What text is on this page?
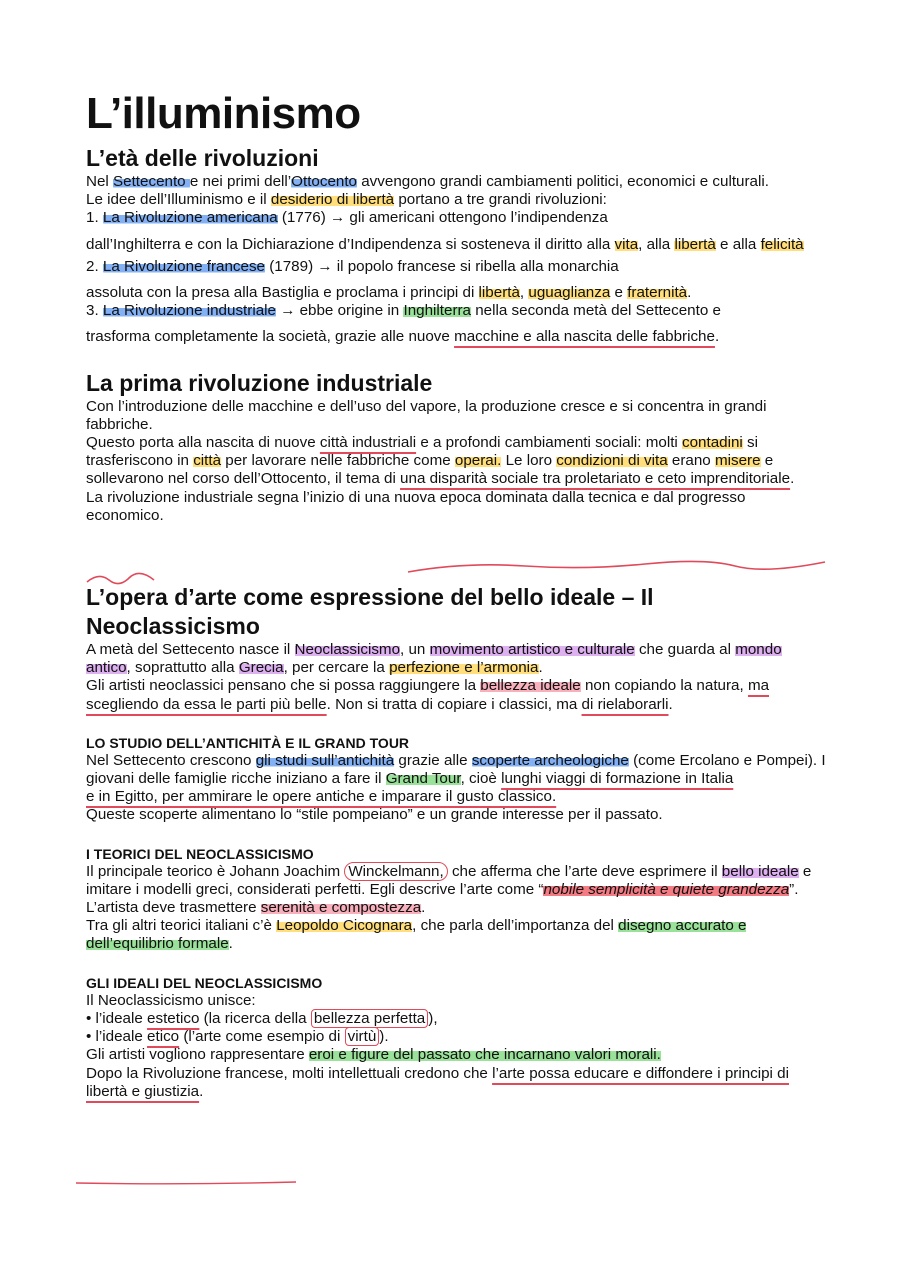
L’illuminismo
L’età delle rivoluzioni

Nel Settecento e nei primi dell’Ottocento avvengono grandi cambiamenti politici, economici e culturali.

Le idee dell’Illuminismo e il desiderio di libertà portano a tre grandi rivoluzioni:

1. La Rivoluzione americana (1776) → gli americani ottengono l’indipendenza

dall’Inghilterra e con la Dichiarazione d’Indipendenza si sosteneva il diritto alla vita, alla libertà e alla felicità

2. La Rivoluzione francese (1789) → il popolo francese si ribella alla monarchia

assoluta con la presa alla Bastiglia e proclama i principi di libertà, uguaglianza e fraternità.

3. La Rivoluzione industriale → ebbe origine in Inghilterra nella seconda metà del Settecento e

trasforma completamente la società, grazie alle nuove macchine e alla nascita delle fabbriche.

La prima rivoluzione industriale

Con l’introduzione delle macchine e dell’uso del vapore, la produzione cresce e si concentra in grandi fabbriche.

Questo porta alla nascita di nuove città industriali e a profondi cambiamenti sociali: molti contadini si trasferiscono in città per lavorare nelle fabbriche come operai. Le loro condizioni di vita erano misere e sollevarono nel corso dell’Ottocento, il tema di una disparità sociale tra proletariato e ceto imprenditoriale.

La rivoluzione industriale segna l’inizio di una nuova epoca dominata dalla tecnica e dal progresso economico.

L’opera d’arte come espressione del bello ideale – Il Neoclassicismo

A metà del Settecento nasce il Neoclassicismo, un movimento artistico e culturale che guarda al mondo antico, soprattutto alla Grecia, per cercare la perfezione e l’armonia.

Gli artisti neoclassici pensano che si possa raggiungere la bellezza ideale non copiando la natura, ma scegliendo da essa le parti più belle. Non si tratta di copiare i classici, ma di rielaborarli.

LO STUDIO DELL’ANTICHITÀ E IL GRAND TOUR

Nel Settecento crescono gli studi sull’antichità grazie alle scoperte archeologiche (come Ercolano e Pompei). I giovani delle famiglie ricche iniziano a fare il Grand Tour, cioè lunghi viaggi di formazione in Italia

e in Egitto, per ammirare le opere antiche e imparare il gusto classico.

Queste scoperte alimentano lo “stile pompeiano” e un grande interesse per il passato.

I TEORICI DEL NEOCLASSICISMO

Il principale teorico è Johann Joachim Winckelmann, che afferma che l’arte deve esprimere il bello ideale e imitare i modelli greci, considerati perfetti. Egli descrive l’arte come “nobile semplicità e quiete grandezza”.

L’artista deve trasmettere serenità e compostezza.

Tra gli altri teorici italiani c’è Leopoldo Cicognara, che parla dell’importanza del disegno accurato e dell’equilibrio formale.

GLI IDEALI DEL NEOCLASSICISMO

Il Neoclassicismo unisce:

• l’ideale estetico (la ricerca della bellezza perfetta ),

• l’ideale etico (l’arte come esempio di virtù ).

Gli artisti vogliono rappresentare eroi e figure del passato che incarnano valori morali.

Dopo la Rivoluzione francese, molti intellettuali credono che l’arte possa educare e diffondere i principi di libertà e giustizia.
